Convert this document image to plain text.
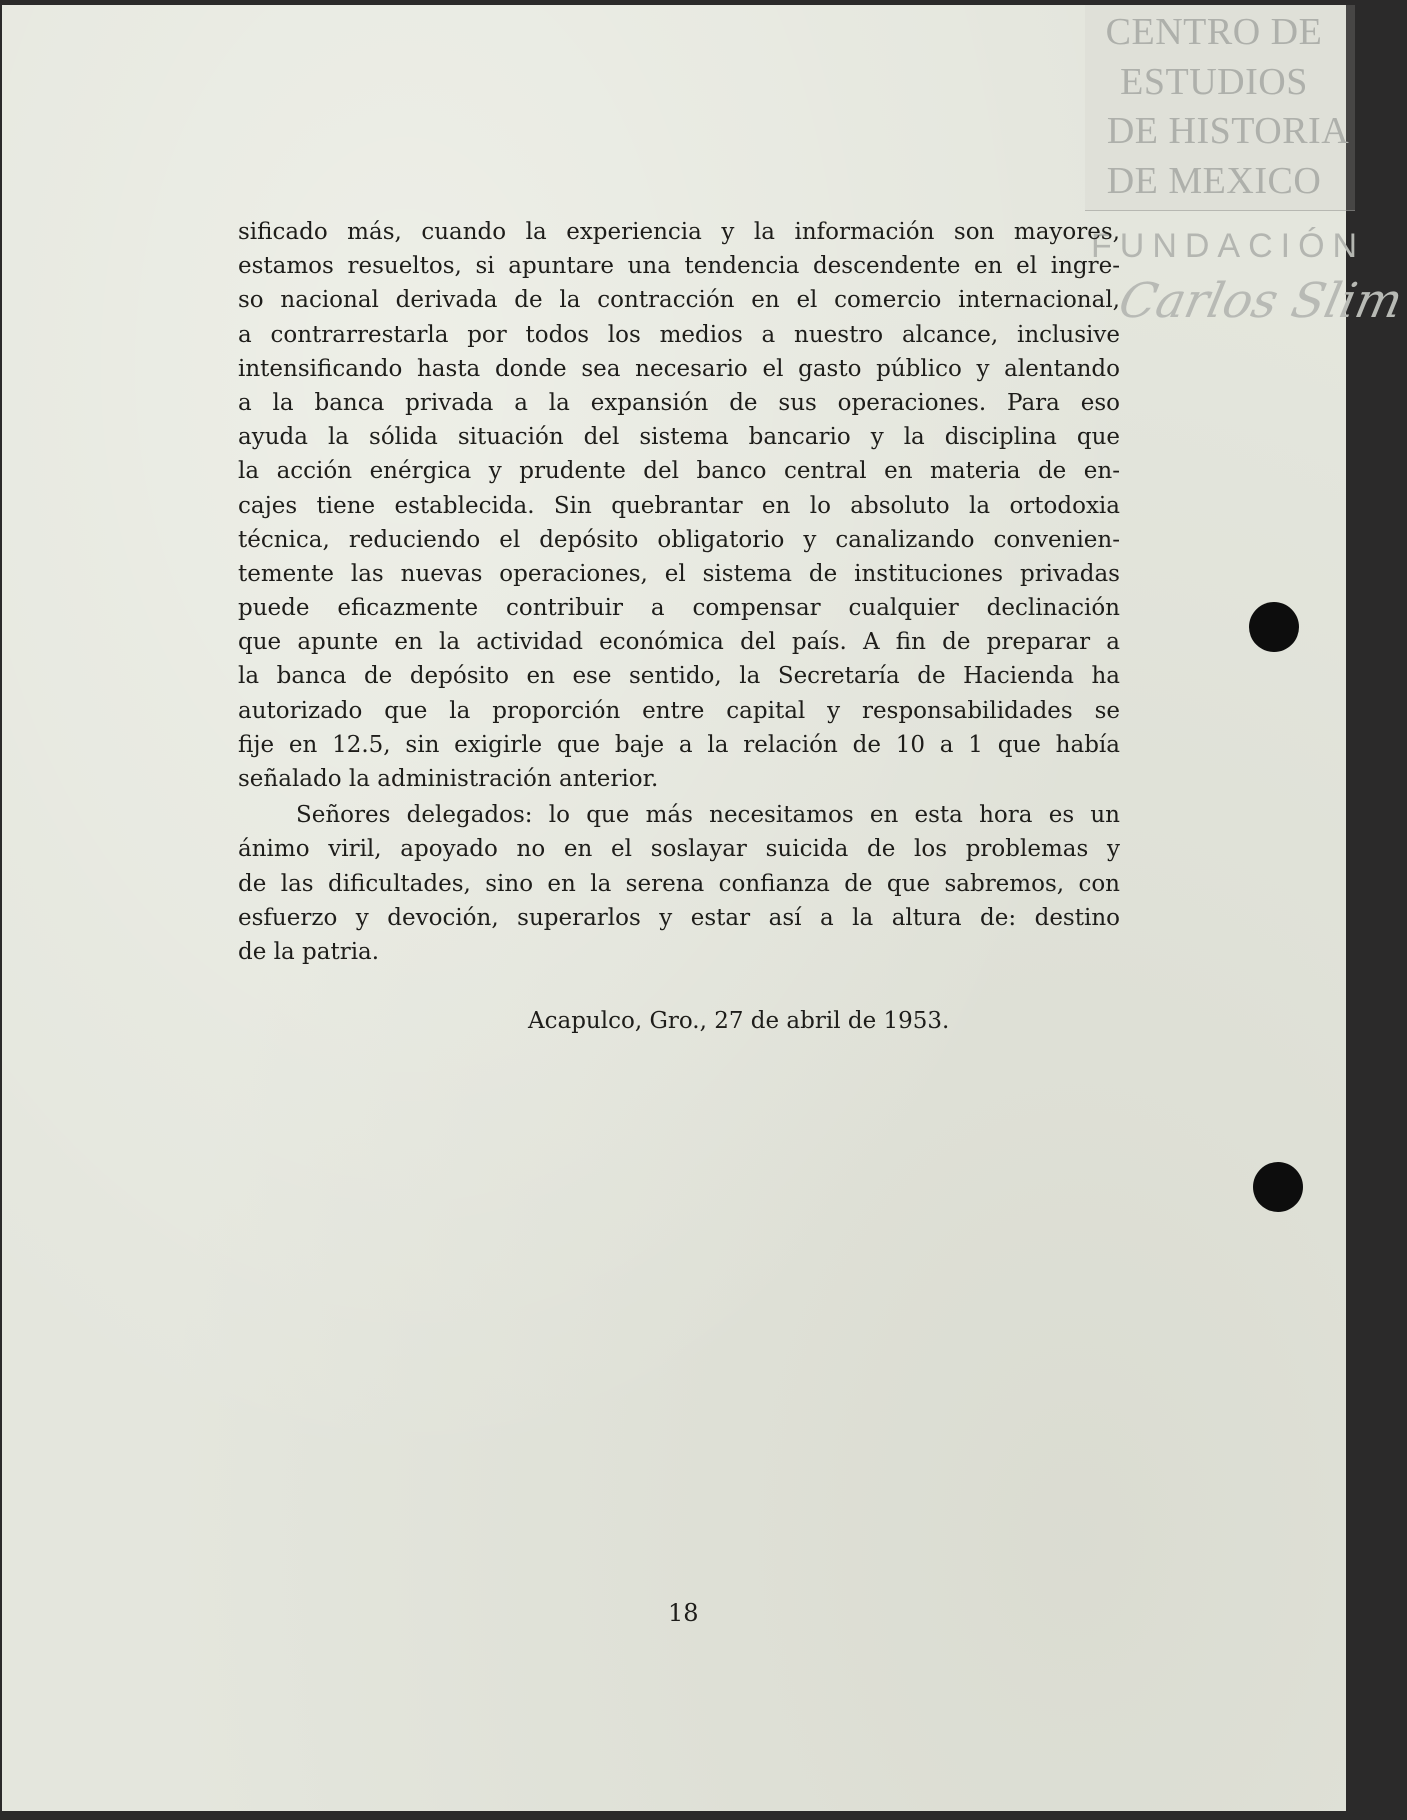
CENTRO DE
ESTUDIOS
DE HISTORIA
DE MEXICO
FUNDACIÓN
Carlos Slim

sificado más, cuando la experiencia y la información son mayores,
estamos resueltos, si apuntare una tendencia descendente en el ingre-
so nacional derivada de la contracción en el comercio internacional,
a contrarrestarla por todos los medios a nuestro alcance, inclusive
intensificando hasta donde sea necesario el gasto público y alentando
a la banca privada a la expansión de sus operaciones. Para eso
ayuda la sólida situación del sistema bancario y la disciplina que
la acción enérgica y prudente del banco central en materia de en-
cajes tiene establecida. Sin quebrantar en lo absoluto la ortodoxia
técnica, reduciendo el depósito obligatorio y canalizando convenien-
temente las nuevas operaciones, el sistema de instituciones privadas
puede eficazmente contribuir a compensar cualquier declinación
que apunte en la actividad económica del país. A fin de preparar a
la banca de depósito en ese sentido, la Secretaría de Hacienda ha
autorizado que la proporción entre capital y responsabilidades se
fije en 12.5, sin exigirle que baje a la relación de 10 a 1 que había
señalado la administración anterior.

Señores delegados: lo que más necesitamos en esta hora es un
ánimo viril, apoyado no en el soslayar suicida de los problemas y
de las dificultades, sino en la serena confianza de que sabremos, con
esfuerzo y devoción, superarlos y estar así a la altura de: destino
de la patria.

Acapulco, Gro., 27 de abril de 1953.
18
